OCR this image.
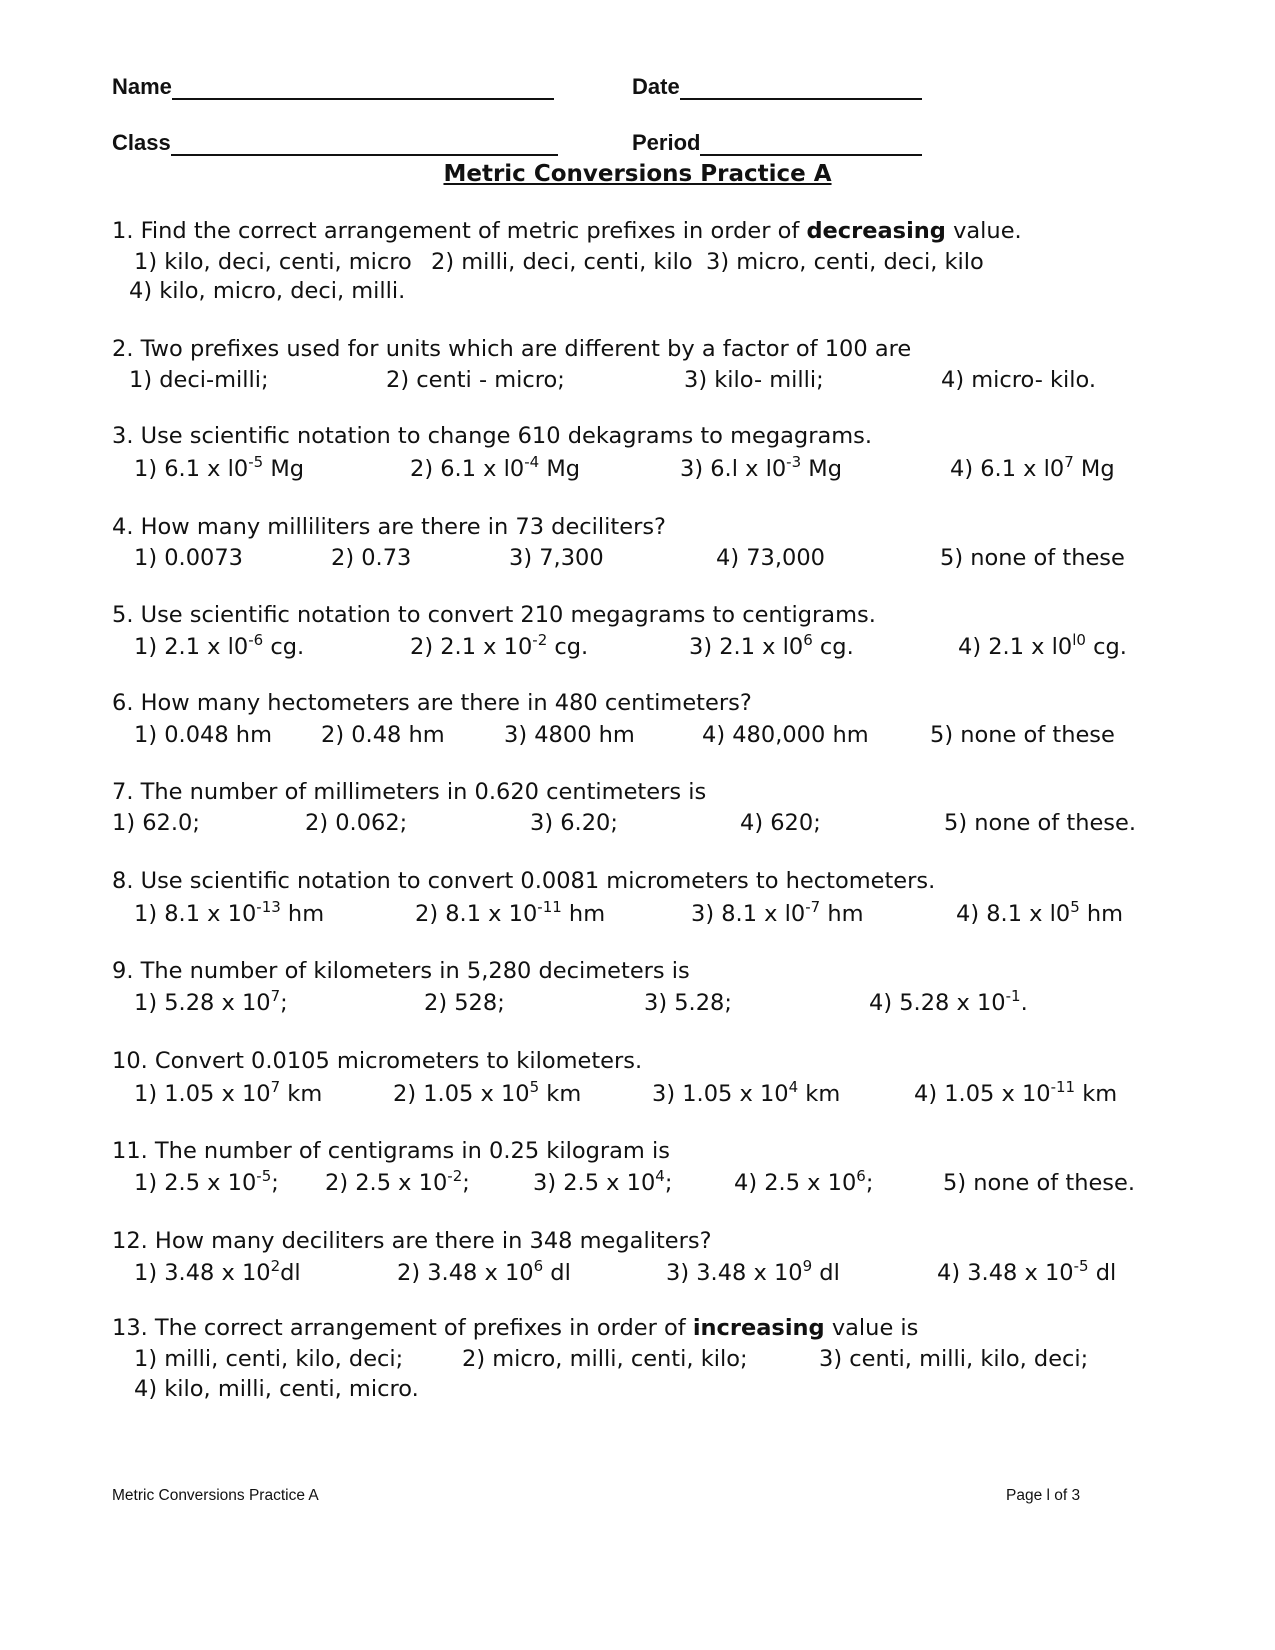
Name	Date
Class	Period
Metric Conversions Practice A
1. Find the correct arrangement of metric prefixes in order of decreasing value.
1) kilo, deci, centi, micro 2) milli, deci, centi, kilo 3) micro, centi, deci, kilo
4) kilo, micro, deci, milli.
2. Two prefixes used for units which are different by a factor of 100 are
1) deci-milli;	2) centi - micro;	3) kilo- milli;	4) micro- kilo.
3. Use scientific notation to change 610 dekagrams to megagrams.
1) 6.1 x $l0^{-5}$ Mg	2) 6.1 x $l0^{-4}$ Mg	3) 6.l x $l0^{-3}$ Mg	4) 6.1 x $l0^7$ Mg
4. How many milliliters are there in 73 deciliters?
1) 0.0073	2) 0.73	3) 7,300	4) 73,000	5) none of these
5. Use scientific notation to convert 210 megagrams to centigrams.
1) 2.1 x $l0^{-6}$ cg.	2) 2.1 x $10^{-2}$ cg.	3) 2.1 x $l0^6$ cg.	4) 2.1 x $l0^{l0}$ cg.
6. How many hectometers are there in 480 centimeters?
1) 0.048 hm 2) 0.48 hm	3) 4800 hm	4) 480,000 hm	5) none of these
7. The number of millimeters in 0.620 centimeters is
1) 62.0;	2) 0.062;	3) 6.20;	4) 620;	5) none of these.
8. Use scientific notation to convert 0.0081 micrometers to hectometers.
1) 8.1 x $10^{-13}$ hm	2) 8.1 x $10^{-11}$ hm	3) 8.1 x $l0^{-7}$ hm	4) 8.1 x $l0^5$ hm
9. The number of kilometers in 5,280 decimeters is
1) 5.28 x $10^7$;	2) 528;	3) 5.28;	4) 5.28 x $10^{-1}$.
10. Convert 0.0105 micrometers to kilometers.
1) 1.05 x $10^7$ km	2) 1.05 x $10^5$ km	3) 1.05 x $10^4$ km	4) 1.05 x $10^{-11}$ km
11. The number of centigrams in 0.25 kilogram is
1) 2.5 x $10^{-5}$; 2) 2.5 x $10^{-2}$;	3) 2.5 x $10^4$;	4) 2.5 x $10^6$;	5) none of these.
12. How many deciliters are there in 348 megaliters?
1) 3.48 x $10^2dl$	2) 3.48 x $10^6$ dl	3) 3.48 x $10^9$ dl	4) 3.48 x $10^{-5}$ dl
13. The correct arrangement of prefixes in order of increasing value is
1) milli, centi, kilo, deci;	2) micro, milli, centi, kilo;	3) centi, milli, kilo, deci;
4) kilo, milli, centi, micro.
Metric Conversions Practice A	Page l of 3
